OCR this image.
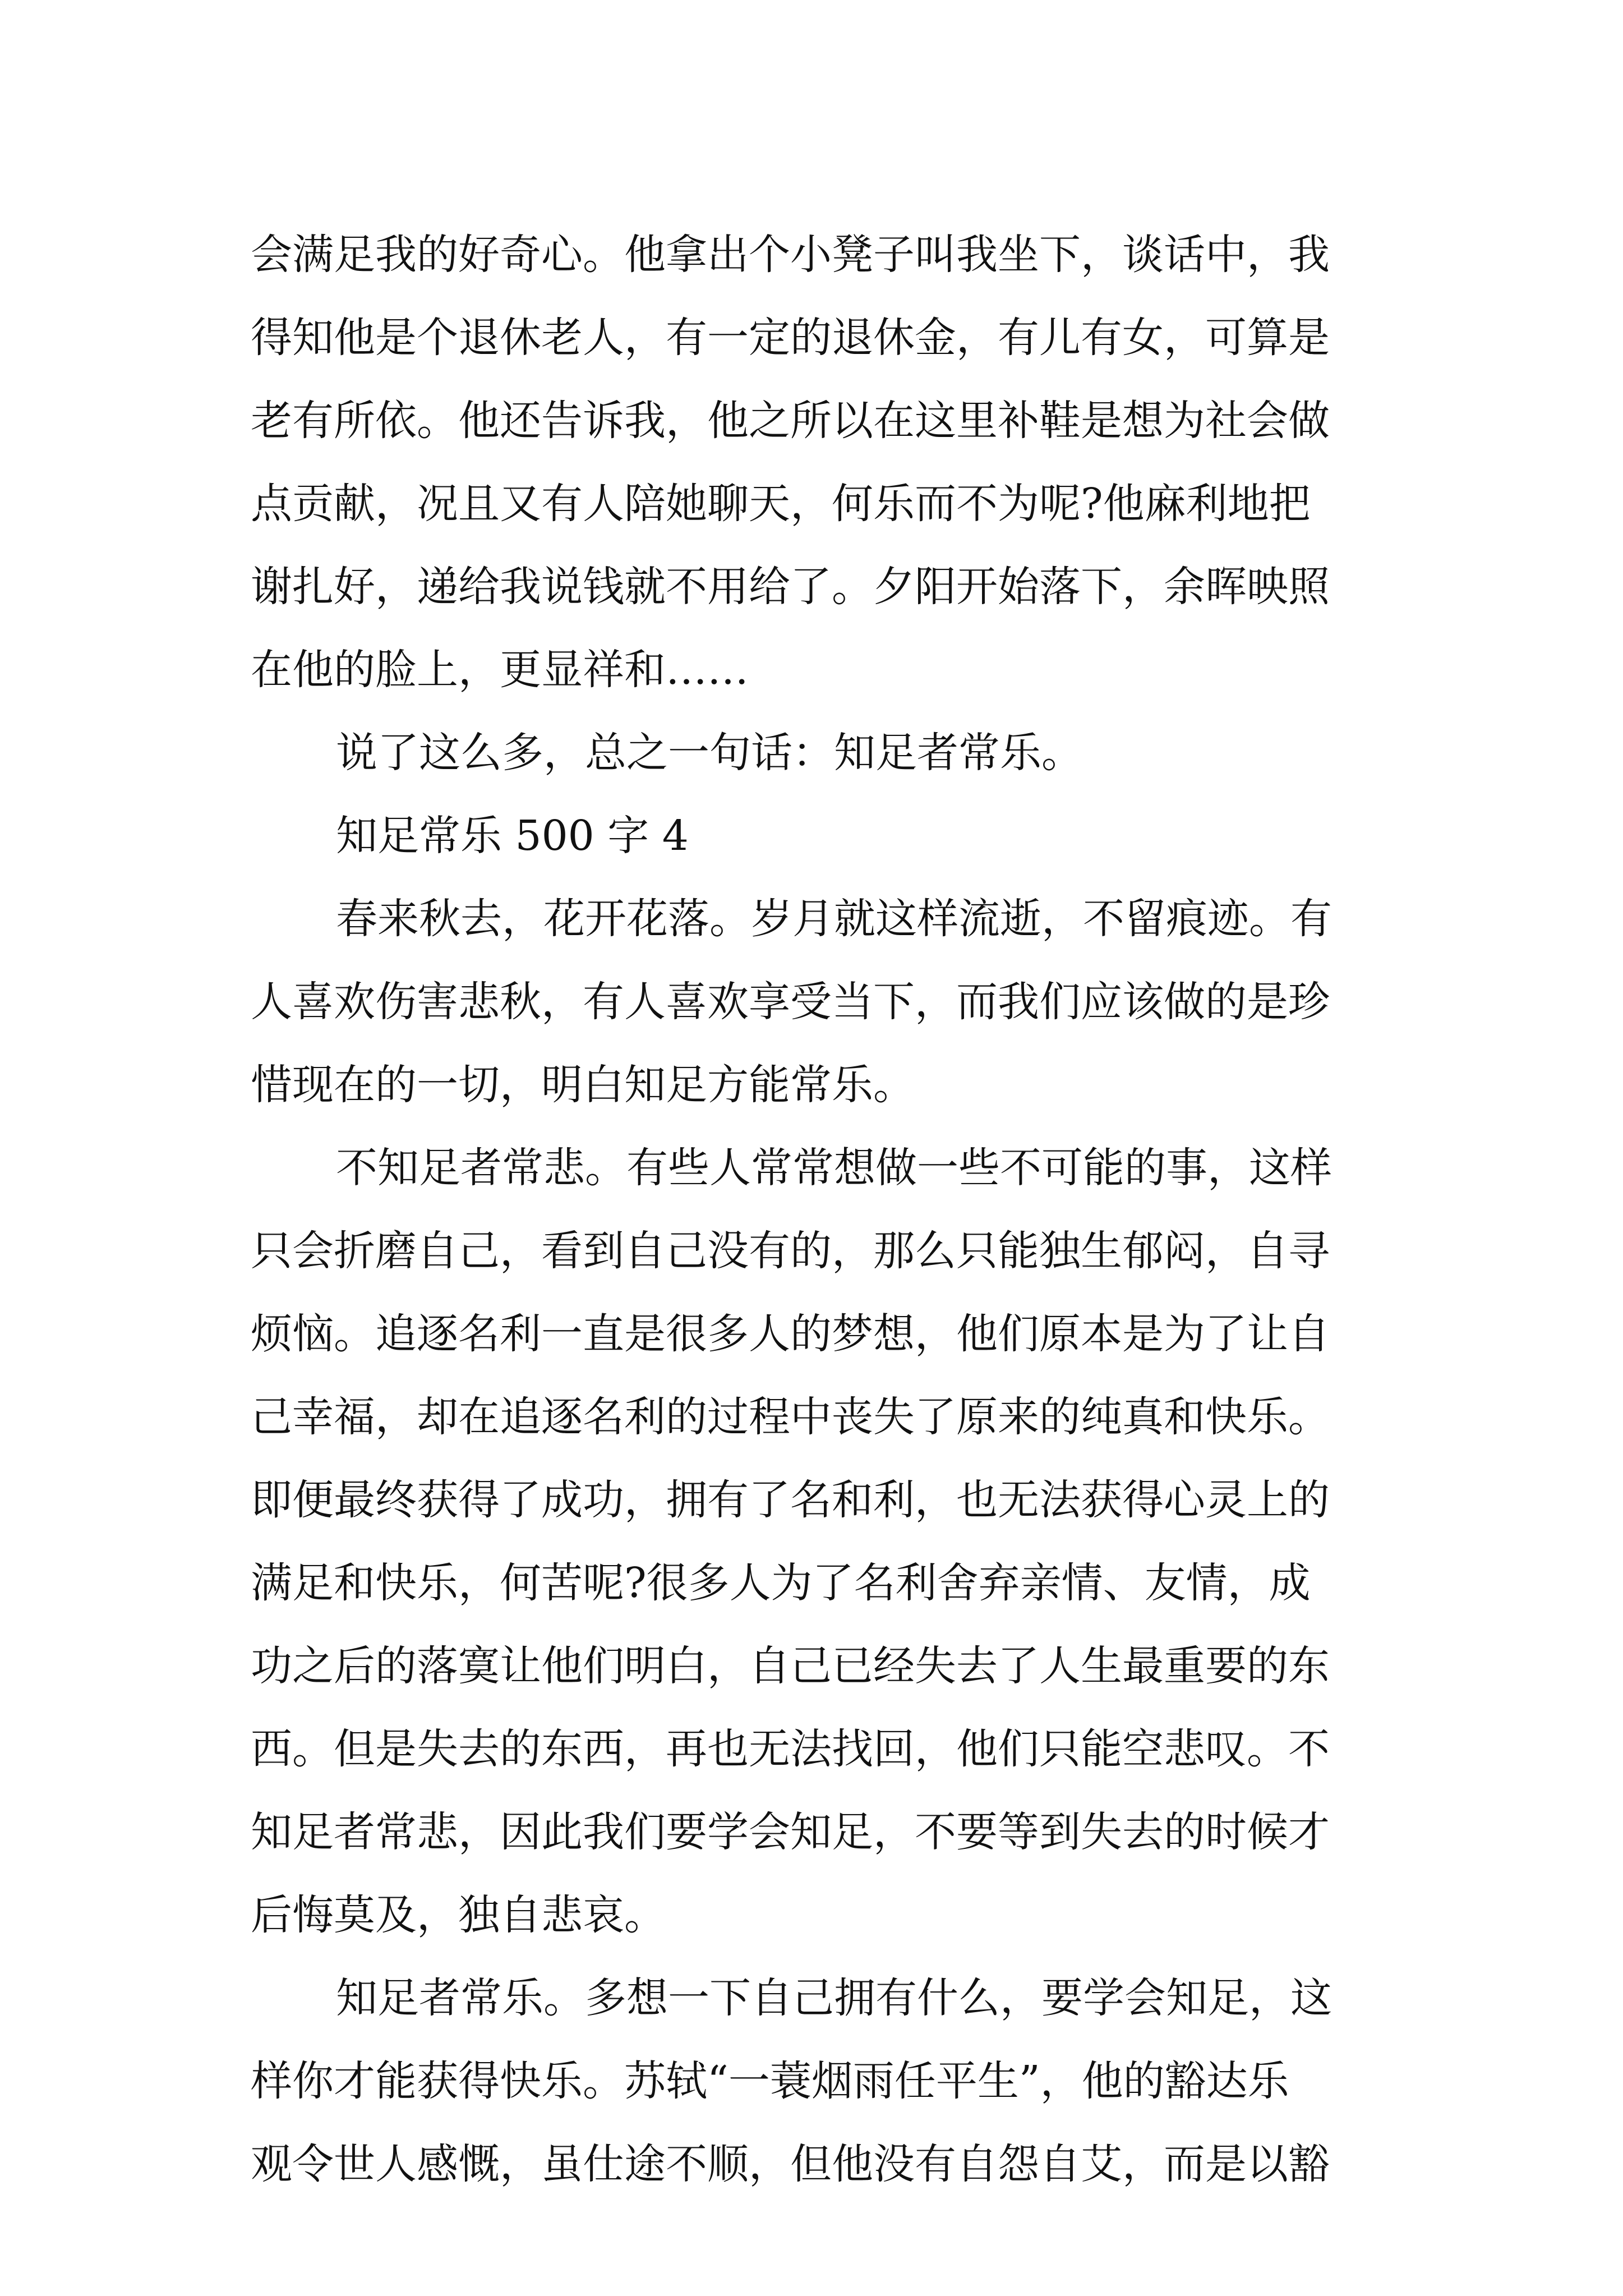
会满足我的好奇心。他拿出个小凳子叫我坐下，谈话中，我
得知他是个退休老人，有一定的退休金，有儿有女，可算是
老有所依。他还告诉我，他之所以在这里补鞋是想为社会做
点贡献，况且又有人陪她聊天，何乐而不为呢?他麻利地把
谢扎好，递给我说钱就不用给了。夕阳开始落下，余晖映照
在他的脸上，更显祥和……
说了这么多，总之一句话：知足者常乐。
知足常乐 500 字 4
春来秋去，花开花落。岁月就这样流逝，不留痕迹。有
人喜欢伤害悲秋，有人喜欢享受当下，而我们应该做的是珍
惜现在的一切，明白知足方能常乐。
不知足者常悲。有些人常常想做一些不可能的事，这样
只会折磨自己，看到自己没有的，那么只能独生郁闷，自寻
烦恼。追逐名利一直是很多人的梦想，他们原本是为了让自
己幸福，却在追逐名利的过程中丧失了原来的纯真和快乐。
即便最终获得了成功，拥有了名和利，也无法获得心灵上的
满足和快乐，何苦呢?很多人为了名利舍弃亲情、友情，成
功之后的落寞让他们明白，自己已经失去了人生最重要的东
西。但是失去的东西，再也无法找回，他们只能空悲叹。不
知足者常悲，因此我们要学会知足，不要等到失去的时候才
后悔莫及，独自悲哀。
知足者常乐。多想一下自己拥有什么，要学会知足，这
样你才能获得快乐。苏轼“一蓑烟雨任平生”，他的豁达乐
观令世人感慨，虽仕途不顺，但他没有自怨自艾，而是以豁
